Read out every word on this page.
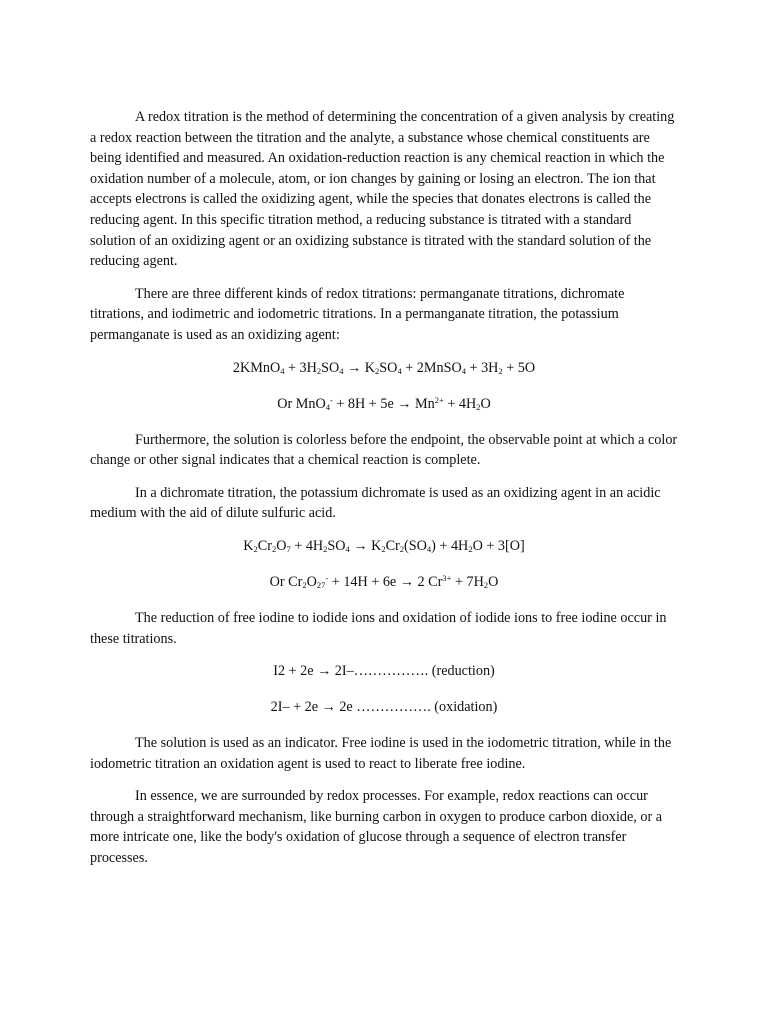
A redox titration is the method of determining the concentration of a given analysis by creating a redox reaction between the titration and the analyte, a substance whose chemical constituents are being identified and measured. An oxidation-reduction reaction is any chemical reaction in which the oxidation number of a molecule, atom, or ion changes by gaining or losing an electron. The ion that accepts electrons is called the oxidizing agent, while the species that donates electrons is called the reducing agent. In this specific titration method, a reducing substance is titrated with a standard solution of an oxidizing agent or an oxidizing substance is titrated with the standard solution of the reducing agent.

There are three different kinds of redox titrations: permanganate titrations, dichromate titrations, and iodimetric and iodometric titrations. In a permanganate titration, the potassium permanganate is used as an oxidizing agent:

2KMnO$_4$ + $3H_2SO_4 \to K_2SO_4$ + 2MnSO$_4$ + $3H_2 + 5O$

Or $MnO_4^- + 8H + 5e \to Mn^{2+} + 4H_2O$

Furthermore, the solution is colorless before the endpoint, the observable point at which a color change or other signal indicates that a chemical reaction is complete.

In a dichromate titration, the potassium dichromate is used as an oxidizing agent in an acidic medium with the aid of dilute sulfuric acid.

$K_2Cr_2O_7 + 4H_2SO_4 \to K_2Cr_2(SO_4) + 4H_2O + 3[O]$

Or $Cr_2O_{27}^- + 14H + 6e \to 2$ $Cr^{3+} + 7H_2O$

The reduction of free iodine to iodide ions and oxidation of iodide ions to free iodine occur in these titrations.

I2 + 2e → 2I–……………. (reduction)

2I– + 2e → 2e ……………. (oxidation)

The solution is used as an indicator. Free iodine is used in the iodometric titration, while in the iodometric titration an oxidation agent is used to react to liberate free iodine.

In essence, we are surrounded by redox processes. For example, redox reactions can occur through a straightforward mechanism, like burning carbon in oxygen to produce carbon dioxide, or a more intricate one, like the body's oxidation of glucose through a sequence of electron transfer processes.
